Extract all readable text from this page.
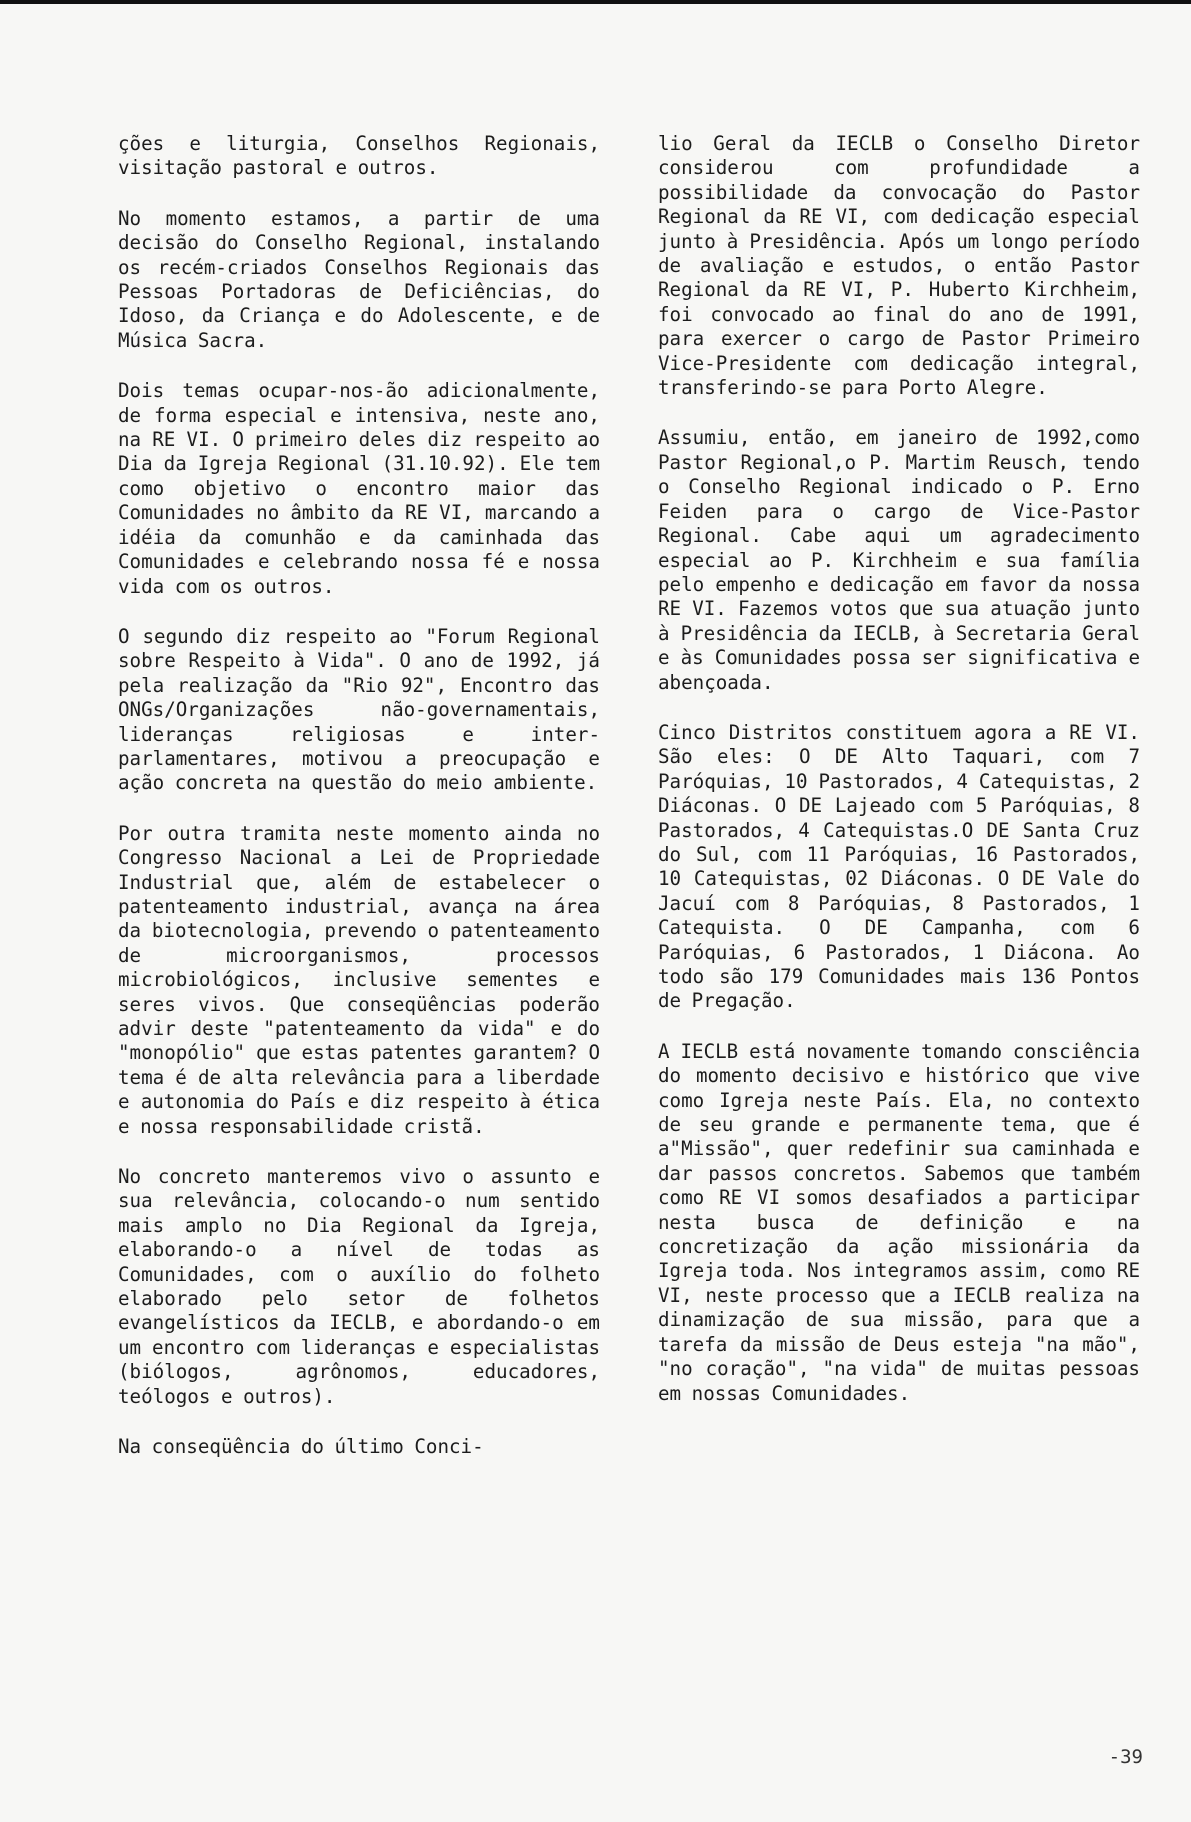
ções e liturgia, Conselhos Regionais, visitação pastoral e outros.

No momento estamos, a partir de uma decisão do Conselho Regional, instalando os recém-criados Conselhos Regionais das Pessoas Portadoras de Deficiências, do Idoso, da Criança e do Adolescente, e de Música Sacra.

Dois temas ocupar-nos-ão adicionalmente, de forma especial e intensiva, neste ano, na RE VI. O primeiro deles diz respeito ao Dia da Igreja Regional (31.10.92). Ele tem como objetivo o encontro maior das Comunidades no âmbito da RE VI, marcando a idéia da comunhão e da caminhada das Comunidades e celebrando nossa fé e nossa vida com os outros.

O segundo diz respeito ao "Forum Regional sobre Respeito à Vida". O ano de 1992, já pela realização da "Rio 92", Encontro das ONGs/Organizações não-governamentais, lideranças religiosas e inter-parlamentares, motivou a preocupação e ação concreta na questão do meio ambiente.

Por outra tramita neste momento ainda no Congresso Nacional a Lei de Propriedade Industrial que, além de estabelecer o patenteamento industrial, avança na área da biotecnologia, prevendo o patenteamento de microorganismos, processos microbiológicos, inclusive sementes e seres vivos. Que conseqüências poderão advir deste "patenteamento da vida" e do "monopólio" que estas patentes garantem? O tema é de alta relevância para a liberdade e autonomia do País e diz respeito à ética e nossa responsabilidade cristã.

No concreto manteremos vivo o assunto e sua relevância, colocando-o num sentido mais amplo no Dia Regional da Igreja, elaborando-o a nível de todas as Comunidades, com o auxílio do folheto elaborado pelo setor de folhetos evangelísticos da IECLB, e abordando-o em um encontro com lideranças e especialistas (biólogos, agrônomos, educadores, teólogos e outros).

Na conseqüência do último Conci-

lio Geral da IECLB o Conselho Diretor considerou com profundidade a possibilidade da convocação do Pastor Regional da RE VI, com dedicação especial junto à Presidência. Após um longo período de avaliação e estudos, o então Pastor Regional da RE VI, P. Huberto Kirchheim, foi convocado ao final do ano de 1991, para exercer o cargo de Pastor Primeiro Vice-Presidente com dedicação integral, transferindo-se para Porto Alegre.

Assumiu, então, em janeiro de 1992,como Pastor Regional,o P. Martim Reusch, tendo o Conselho Regional indicado o P. Erno Feiden para o cargo de Vice-Pastor Regional. Cabe aqui um agradecimento especial ao P. Kirchheim e sua família pelo empenho e dedicação em favor da nossa RE VI. Fazemos votos que sua atuação junto à Presidência da IECLB, à Secretaria Geral e às Comunidades possa ser significativa e abençoada.

Cinco Distritos constituem agora a RE VI. São eles: O DE Alto Taquari, com 7 Paróquias, 10 Pastorados, 4 Catequistas, 2 Diáconas. O DE Lajeado com 5 Paróquias, 8 Pastorados, 4 Catequistas.O DE Santa Cruz do Sul, com 11 Paróquias, 16 Pastorados, 10 Catequistas, 02 Diáconas. O DE Vale do Jacuí com 8 Paróquias, 8 Pastorados, 1 Catequista. O DE Campanha, com 6 Paróquias, 6 Pastorados, 1 Diácona. Ao todo são 179 Comunidades mais 136 Pontos de Pregação.

A IECLB está novamente tomando consciência do momento decisivo e histórico que vive como Igreja neste País. Ela, no contexto de seu grande e permanente tema, que é a"Missão", quer redefinir sua caminhada e dar passos concretos. Sabemos que também como RE VI somos desafiados a participar nesta busca de definição e na concretização da ação missionária da Igreja toda. Nos integramos assim, como RE VI, neste processo que a IECLB realiza na dinamização de sua missão, para que a tarefa da missão de Deus esteja "na mão", "no coração", "na vida" de muitas pessoas em nossas Comunidades.

-39
